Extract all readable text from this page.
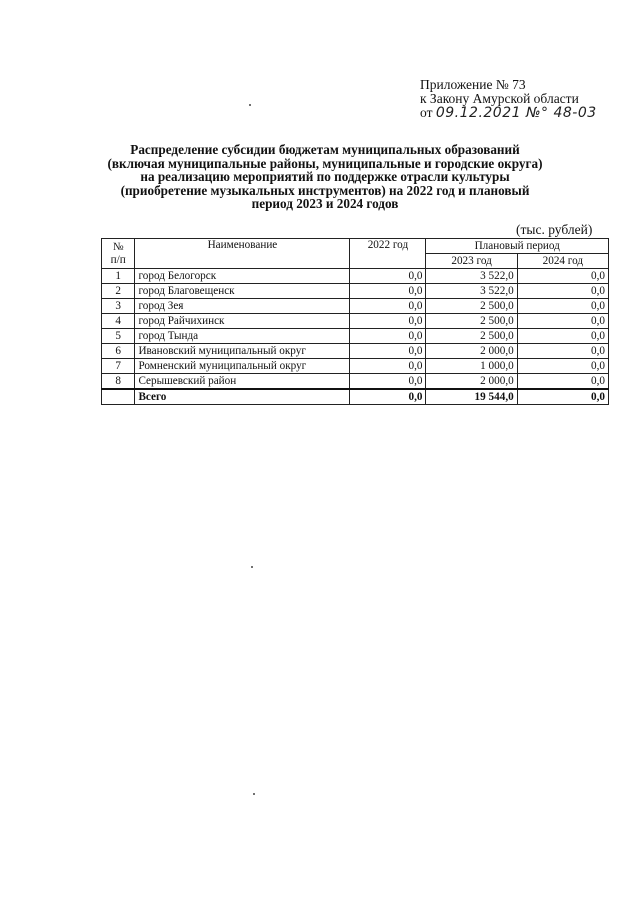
Приложение № 73
к Закону Амурской области
от 09.12.2021 №° 48-03
Распределение субсидии бюджетам муниципальных образований
(включая муниципальные районы, муниципальные и городские округа)
на реализацию мероприятий по поддержке отрасли культуры
(приобретение музыкальных инструментов) на 2022 год и плановый
период 2023 и 2024 годов
(тыс. рублей)
№
п/п	Наименование	2022 год	Плановый период	
			2023 год	2024 год
1	город Белогорск	0,0	3 522,0	0,0
2	город Благовещенск	0,0	3 522,0	0,0
3	город Зея	0,0	2 500,0	0,0
4	город Райчихинск	0,0	2 500,0	0,0
5	город Тында	0,0	2 500,0	0,0
6	Ивановский муниципальный округ	0,0	2 000,0	0,0
7	Ромненский муниципальный округ	0,0	1 000,0	0,0
8	Серышевский район	0,0	2 000,0	0,0
	Всего	0,0	19 544,0	0,0
